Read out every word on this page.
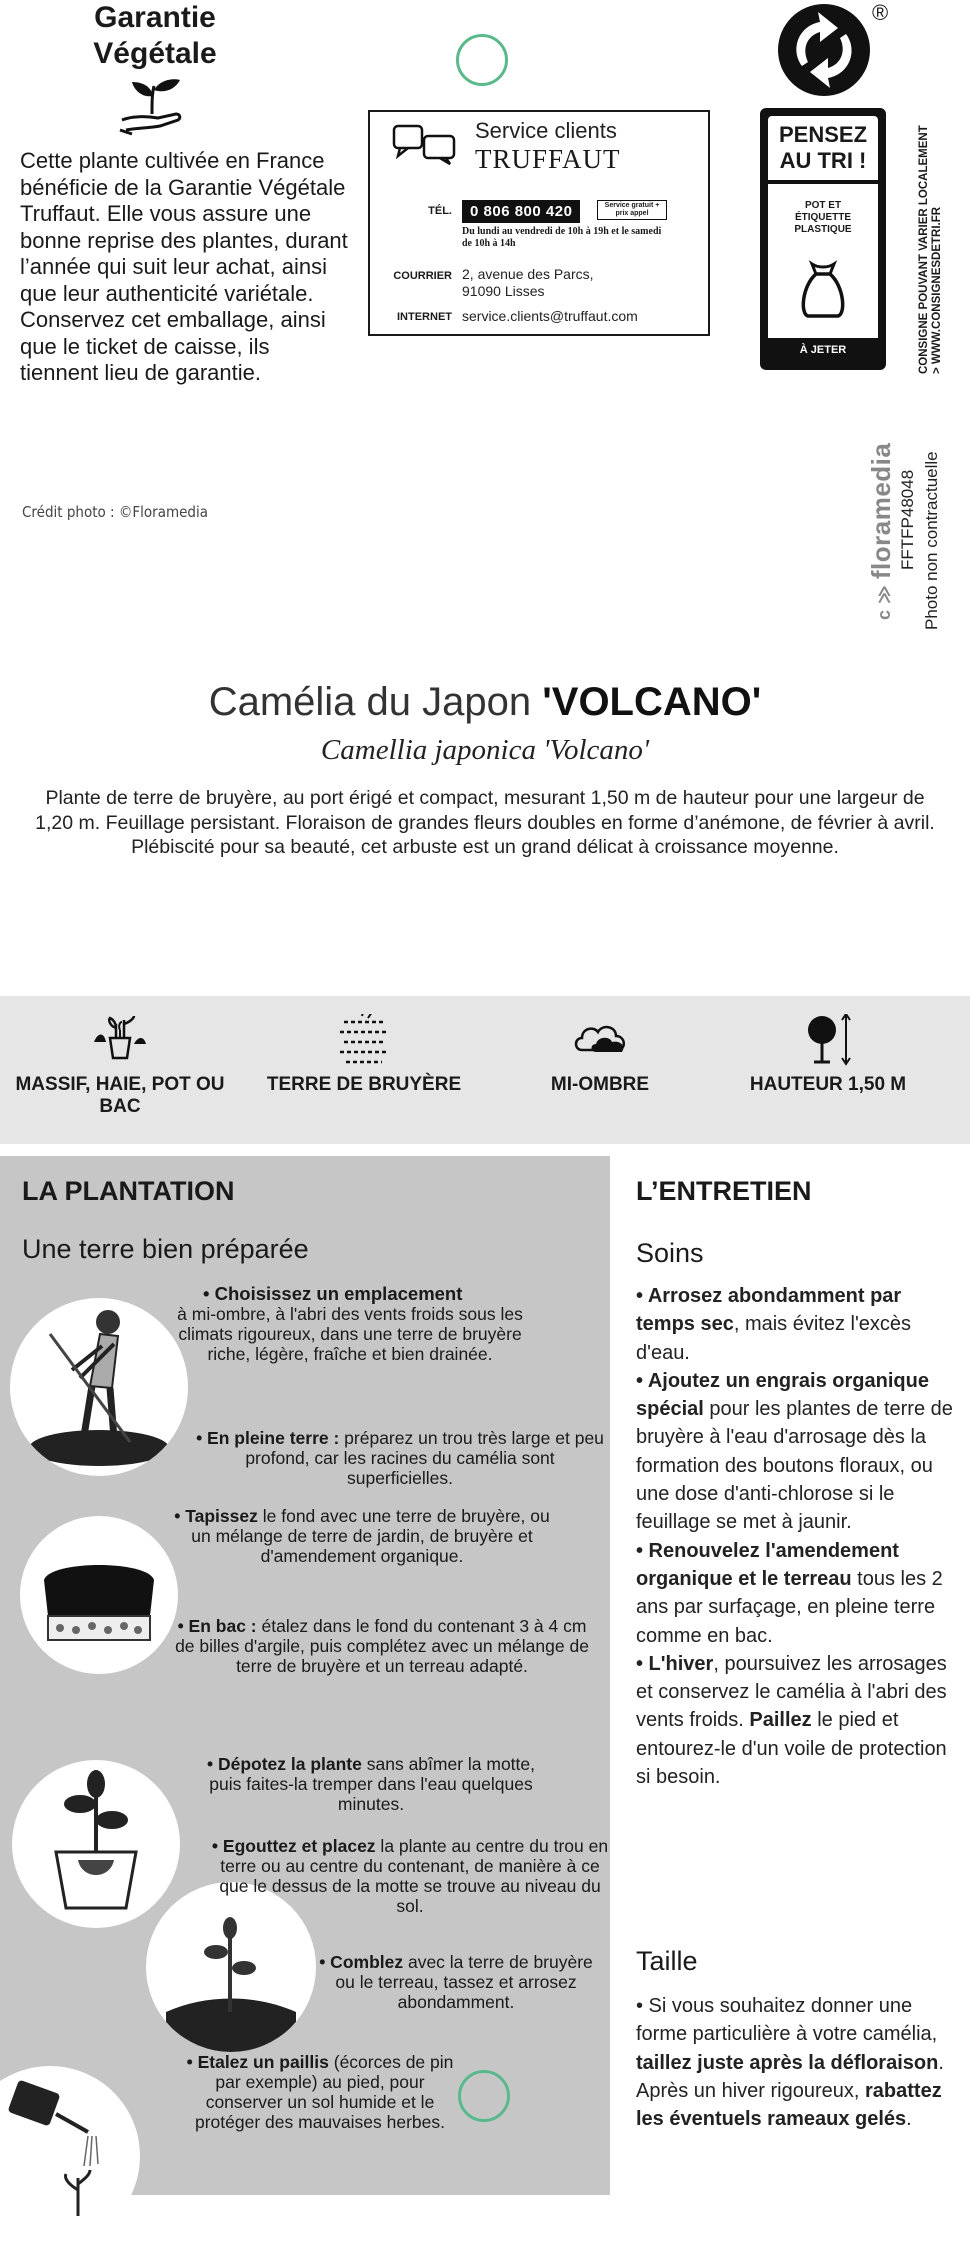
Garantie Végétale
Cette plante cultivée en France bénéficie de la Garantie Végétale Truffaut. Elle vous assure une bonne reprise des plantes, durant l’année qui suit leur achat, ainsi que leur authenticité variétale. Conservez cet emballage, ainsi que le ticket de caisse, ils tiennent lieu de garantie.
Crédit photo : ©Floramedia
Service clients
TRUFFAUT
TÉL.	0 806 800 420	Service gratuit + prix appel
Du lundi au vendredi de 10h à 19h et le samedi de 10h à 14h
COURRIER 2, avenue des Parcs, 91090 Lisses
INTERNET service.clients@truffaut.com
®
PENSEZ
AU TRI !
POT ET
ÉTIQUETTE
PLASTIQUE
À JETER	CONSIGNE POUVANT VARIER LOCALEMENT > WWW.CONSIGNESDETRI.FR
c ≫ floramedia FFTFP48048 Photo non contractuelle
Camélia du Japon 'VOLCANO'
Camellia japonica 'Volcano'
Plante de terre de bruyère, au port érigé et compact, mesurant 1,50 m de hauteur pour une largeur de 1,20 m. Feuillage persistant. Floraison de grandes fleurs doubles en forme d’anémone, de février à avril. Plébiscité pour sa beauté, cet arbuste est un grand délicat à croissance moyenne.
MASSIF, HAIE, POT OU BAC
TERRE DE BRUYÈRE	MI-OMBRE	HAUTEUR 1,50 M
LA PLANTATION
Une terre bien préparée
• Choisissez un emplacement
à mi-ombre, à l'abri des vents froids sous les climats rigoureux, dans une terre de bruyère riche, légère, fraîche et bien drainée.
• En pleine terre : préparez un trou très large et peu profond, car les racines du camélia sont superficielles.
• Tapissez le fond avec une terre de bruyère, ou un mélange de terre de jardin, de bruyère et d'amendement organique.
• En bac : étalez dans le fond du contenant 3 à 4 cm de billes d'argile, puis complétez avec un mélange de terre de bruyère et un terreau adapté.
• Dépotez la plante sans abîmer la motte, puis faites-la tremper dans l'eau quelques minutes.
• Egouttez et placez la plante au centre du trou en terre ou au centre du contenant, de manière à ce que le dessus de la motte se trouve au niveau du sol.
• Comblez avec la terre de bruyère ou le terreau, tassez et arrosez abondamment.
• Etalez un paillis (écorces de pin par exemple) au pied, pour conserver un sol humide et le protéger des mauvaises herbes.
L’ENTRETIEN
Soins
• Arrosez abondamment par temps sec, mais évitez l'excès d'eau.
• Ajoutez un engrais organique spécial pour les plantes de terre de bruyère à l'eau d'arrosage dès la formation des boutons floraux, ou une dose d'anti-chlorose si le feuillage se met à jaunir.
• Renouvelez l'amendement organique et le terreau tous les 2 ans par surfaçage, en pleine terre comme en bac.
• L'hiver, poursuivez les arrosages et conservez le camélia à l'abri des vents froids. Paillez le pied et entourez-le d'un voile de protection si besoin.
Taille
• Si vous souhaitez donner une forme particulière à votre camélia, taillez juste après la défloraison. Après un hiver rigoureux, rabattez les éventuels rameaux gelés.
